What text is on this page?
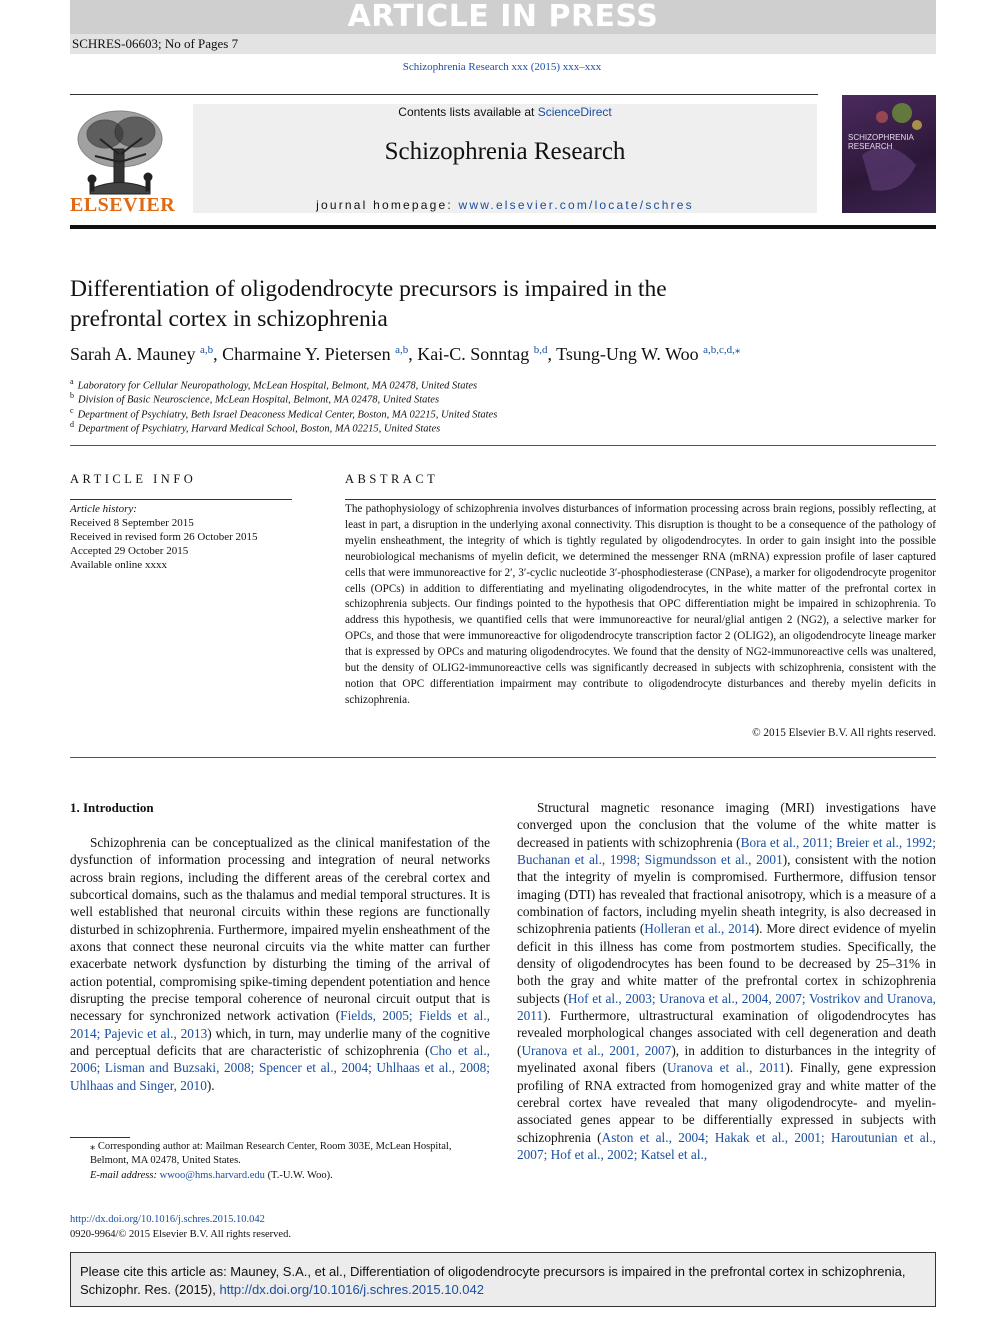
ARTICLE IN PRESS
SCHRES-06603; No of Pages 7
Schizophrenia Research xxx (2015) xxx–xxx
ELSEVIER
Contents lists available at ScienceDirect
Schizophrenia Research
journal homepage: www.elsevier.com/locate/schres
SCHIZOPHRENIA RESEARCH
Differentiation of oligodendrocyte precursors is impaired in the
prefrontal cortex in schizophrenia
Sarah A. Mauney $^{a,b}$, Charmaine Y. Pietersen $^{a,b}$, Kai-C. Sonntag $^{b,d}$, Tsung-Ung W. Woo $^{a,b,c,d,⁎}$
$^a$ Laboratory for Cellular Neuropathology, McLean Hospital, Belmont, MA 02478, United States
$^b$ Division of Basic Neuroscience, McLean Hospital, Belmont, MA 02478, United States
$^c$ Department of Psychiatry, Beth Israel Deaconess Medical Center, Boston, MA 02215, United States
$^d$ Department of Psychiatry, Harvard Medical School, Boston, MA 02215, United States
ARTICLE INFO
Article history:
Received 8 September 2015
Received in revised form 26 October 2015
Accepted 29 October 2015
Available online xxxx
ABSTRACT
The pathophysiology of schizophrenia involves disturbances of information processing across brain regions, possibly reflecting, at least in part, a disruption in the underlying axonal connectivity. This disruption is thought to be a consequence of the pathology of myelin ensheathment, the integrity of which is tightly regulated by oligodendrocytes. In order to gain insight into the possible neurobiological mechanisms of myelin deficit, we determined the messenger RNA (mRNA) expression profile of laser captured cells that were immunoreactive for 2′, 3′-cyclic nucleotide 3′-phosphodiesterase (CNPase), a marker for oligodendrocyte progenitor cells (OPCs) in addition to differentiating and myelinating oligodendrocytes, in the white matter of the prefrontal cortex in schizophrenia subjects. Our findings pointed to the hypothesis that OPC differentiation might be impaired in schizophrenia. To address this hypothesis, we quantified cells that were immunoreactive for neural/glial antigen 2 (NG2), a selective marker for OPCs, and those that were immunoreactive for oligodendrocyte transcription factor 2 (OLIG2), an oligodendrocyte lineage marker that is expressed by OPCs and maturing oligodendrocytes. We found that the density of NG2-immunoreactive cells was unaltered, but the density of OLIG2-immunoreactive cells was significantly decreased in subjects with schizophrenia, consistent with the notion that OPC differentiation impairment may contribute to oligodendrocyte disturbances and thereby myelin deficits in schizophrenia.
© 2015 Elsevier B.V. All rights reserved.
1. Introduction
Schizophrenia can be conceptualized as the clinical manifestation of the dysfunction of information processing and integration of neural networks across brain regions, including the different areas of the cerebral cortex and subcortical domains, such as the thalamus and medial temporal structures. It is well established that neuronal circuits within these regions are functionally disturbed in schizophrenia. Furthermore, impaired myelin ensheathment of the axons that connect these neuronal circuits via the white matter can further exacerbate network dysfunction by disturbing the timing of the arrival of action potential, compromising spike-timing dependent potentiation and hence disrupting the precise temporal coherence of neuronal circuit output that is necessary for synchronized network activation (Fields, 2005; Fields et al., 2014; Pajevic et al., 2013) which, in turn, may underlie many of the cognitive and perceptual deficits that are characteristic of schizophrenia (Cho et al., 2006; Lisman and Buzsaki, 2008; Spencer et al., 2004; Uhlhaas et al., 2008; Uhlhaas and Singer, 2010).
Structural magnetic resonance imaging (MRI) investigations have converged upon the conclusion that the volume of the white matter is decreased in patients with schizophrenia (Bora et al., 2011; Breier et al., 1992; Buchanan et al., 1998; Sigmundsson et al., 2001), consistent with the notion that the integrity of myelin is compromised. Furthermore, diffusion tensor imaging (DTI) has revealed that fractional anisotropy, which is a measure of a combination of factors, including myelin sheath integrity, is also decreased in schizophrenia patients (Holleran et al., 2014). More direct evidence of myelin deficit in this illness has come from postmortem studies. Specifically, the density of oligodendrocytes has been found to be decreased by 25–31% in both the gray and white matter of the prefrontal cortex in schizophrenia subjects (Hof et al., 2003; Uranova et al., 2004, 2007; Vostrikov and Uranova, 2011). Furthermore, ultrastructural examination of oligodendrocytes has revealed morphological changes associated with cell degeneration and death (Uranova et al., 2001, 2007), in addition to disturbances in the integrity of myelinated axonal fibers (Uranova et al., 2011). Finally, gene expression profiling of RNA extracted from homogenized gray and white matter of the cerebral cortex have revealed that many oligodendrocyte- and myelin-associated genes appear to be differentially expressed in subjects with schizophrenia (Aston et al., 2004; Hakak et al., 2001; Haroutunian et al., 2007; Hof et al., 2002; Katsel et al.,
⁎ Corresponding author at: Mailman Research Center, Room 303E, McLean Hospital, Belmont, MA 02478, United States.
E-mail address: wwoo@hms.harvard.edu (T.-U.W. Woo).
http://dx.doi.org/10.1016/j.schres.2015.10.042
0920-9964/© 2015 Elsevier B.V. All rights reserved.
Please cite this article as: Mauney, S.A., et al., Differentiation of oligodendrocyte precursors is impaired in the prefrontal cortex in schizophrenia, Schizophr. Res. (2015), http://dx.doi.org/10.1016/j.schres.2015.10.042
